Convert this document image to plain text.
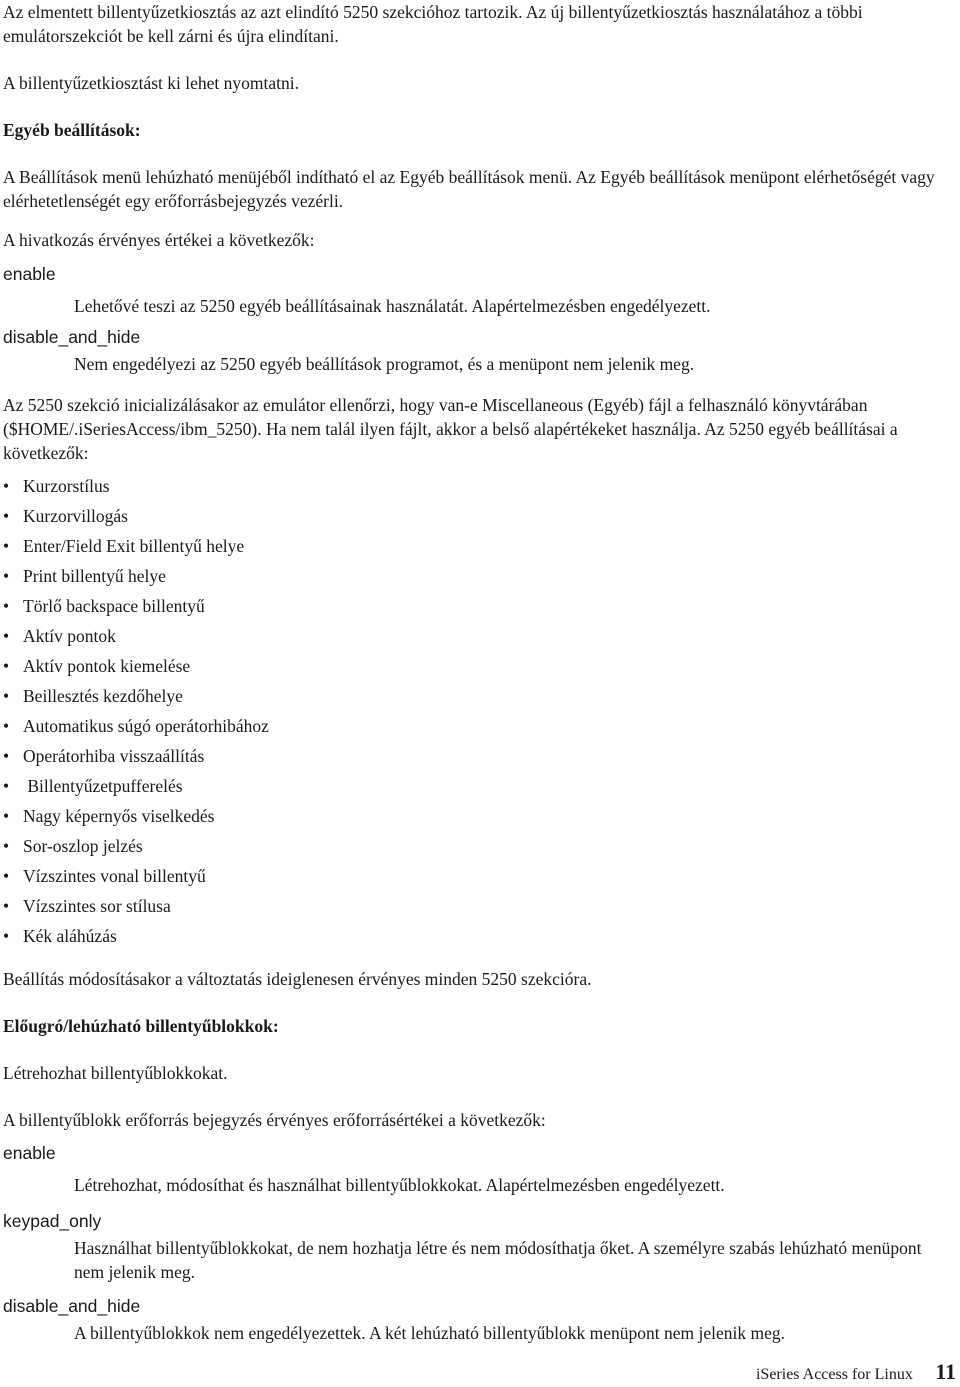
Az elmentett billentyűzetkiosztás az azt elindító 5250 szekcióhoz tartozik. Az új billentyűzetkiosztás használatához a többi emulátorszekciót be kell zárni és újra elindítani.

A billentyűzetkiosztást ki lehet nyomtatni.

Egyéb beállítások:

A Beállítások menü lehúzható menüjéből indítható el az Egyéb beállítások menü. Az Egyéb beállítások menüpont elérhetőségét vagy elérhetetlenségét egy erőforrásbejegyzés vezérli.

A hivatkozás érvényes értékei a következők:

enable

Lehetővé teszi az 5250 egyéb beállításainak használatát. Alapértelmezésben engedélyezett.

disable_and_hide

Nem engedélyezi az 5250 egyéb beállítások programot, és a menüpont nem jelenik meg.

Az 5250 szekció inicializálásakor az emulátor ellenőrzi, hogy van-e Miscellaneous (Egyéb) fájl a felhasználó könyvtárában ($HOME/.iSeriesAccess/ibm_5250). Ha nem talál ilyen fájlt, akkor a belső alapértékeket használja. Az 5250 egyéb beállításai a következők:

• Kurzorstílus
• Kurzorvillogás
• Enter/Field Exit billentyű helye
• Print billentyű helye
• Törlő backspace billentyű
• Aktív pontok
• Aktív pontok kiemelése
• Beillesztés kezdőhelye
• Automatikus súgó operátorhibához
• Operátorhiba visszaállítás
• Billentyűzetpufferelés
• Nagy képernyős viselkedés
• Sor-oszlop jelzés
• Vízszintes vonal billentyű
• Vízszintes sor stílusa
• Kék aláhúzás

Beállítás módosításakor a változtatás ideiglenesen érvényes minden 5250 szekcióra.

Előugró/lehúzható billentyűblokkok:

Létrehozhat billentyűblokkokat.

A billentyűblokk erőforrás bejegyzés érvényes erőforrásértékei a következők:

enable

Létrehozhat, módosíthat és használhat billentyűblokkokat. Alapértelmezésben engedélyezett.

keypad_only

Használhat billentyűblokkokat, de nem hozhatja létre és nem módosíthatja őket. A személyre szabás lehúzható menüpont nem jelenik meg.

disable_and_hide

A billentyűblokkok nem engedélyezettek. A két lehúzható billentyűblokk menüpont nem jelenik meg.

iSeries Access for Linux 11
